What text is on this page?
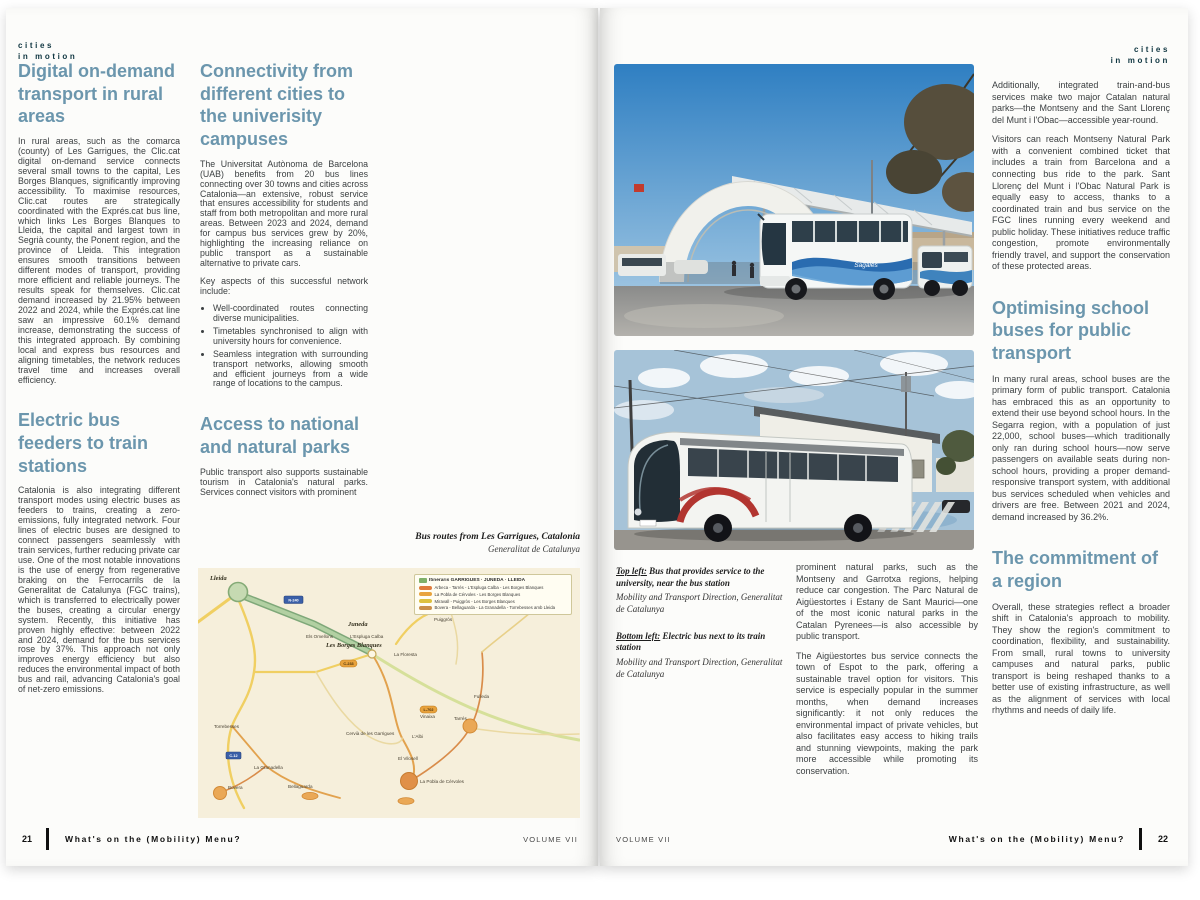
cities
in motion
Digital on-demand transport in rural areas

In rural areas, such as the comarca (county) of Les Garrigues, the Clic.cat digital on-demand service connects several small towns to the capital, Les Borges Blanques, significantly improving accessibility. To maximise resources, Clic.cat routes are strategically coordinated with the Exprés.cat bus line, which links Les Borges Blanques to Lleida, the capital and largest town in Segrià county, the Ponent region, and the province of Lleida. This integration ensures smooth transitions between different modes of transport, providing more efficient and reliable journeys. The results speak for themselves. Clic.cat demand increased by 21.95% between 2022 and 2024, while the Exprés.cat line saw an impressive 60.1% demand increase, demonstrating the success of this integrated approach. By combining local and express bus resources and aligning timetables, the network reduces travel time and increases overall efficiency.

Electric bus feeders to train stations

Catalonia is also integrating different transport modes using electric buses as feeders to trains, creating a zero-emissions, fully integrated network. Four lines of electric buses are designed to connect passengers seamlessly with train services, further reducing private car use. One of the most notable innovations is the use of energy from regenerative braking on the Ferrocarrils de la Generalitat de Catalunya (FGC trains), which is transferred to electrically power the buses, creating a circular energy system. Recently, this initiative has proven highly effective: between 2022 and 2024, demand for the bus services rose by 37%. This approach not only improves energy efficiency but also reduces the environmental impact of both bus and rail, advancing Catalonia's goal of net-zero emissions.

Connectivity from different cities to the univerisity campuses

The Universitat Autònoma de Barcelona (UAB) benefits from 20 bus lines connecting over 30 towns and cities across Catalonia—an extensive, robust service that ensures accessibility for students and staff from both metropolitan and more rural areas. Between 2023 and 2024, demand for campus bus services grew by 20%, highlighting the increasing reliance on public transport as a sustainable alternative to private cars.

Key aspects of this successful network include:

• Well-coordinated routes connecting diverse municipalities.
• Timetables synchronised to align with university hours for convenience.
• Seamless integration with surrounding transport networks, allowing smooth and efficient journeys from a wide range of locations to the campus.
Access to national and natural parks

Public transport also supports sustainable tourism in Catalonia's natural parks. Services connect visitors with prominent

Bus routes from Les Garrigues, Catalonia
Generalitat de Catalunya
N-240
C-233
L-702
C-12
Lleida
Juneda
Les Borges Blanques
Puiggròs
Els Omellons	L'Espluga Calba
La Floresta
Fulleda
Tarrés
Vinaixa
L'Albi
El Vilosell
La Pobla de Cérvoles
Cervià de les Garrigues
Torrebesses
La Granadella
Bellaguarda
Bovera
Itineraris GARRIGUES · JUNEDA · LLEIDA
Arbeca - Tarrés - L'Espluga Calba - Les Borges Blanques
La Pobla de Cérvoles - Les Borges Blanques
Miravall - Puiggròs - Les Borges Blanques
Bovera - Bellaguarda - La Granadella - Torrebesses amb Lleida
21	What's on the (Mobility) Menu?	VOLUME VII
Sagalés
Top left: Bus that provides service to the university, near the bus station
Mobility and Transport Direction, Generalitat de Catalunya
Bottom left: Electric bus next to its train station
Mobility and Transport Direction, Generalitat de Catalunya

prominent natural parks, such as the Montseny and Garrotxa regions, helping reduce car congestion. The Parc Natural de Aigüestortes i Estany de Sant Maurici—one of the most iconic natural parks in the Catalan Pyrenees—is also accessible by public transport.

The Aigüestortes bus service connects the town of Espot to the park, offering a sustainable travel option for visitors. This service is especially popular in the summer months, when demand increases significantly: it not only reduces the environmental impact of private vehicles, but also facilitates easy access to hiking trails and stunning viewpoints, making the park more accessible while promoting its conservation.

cities
in motion

Additionally, integrated train-and-bus services make two major Catalan natural parks—the Montseny and the Sant Llorenç del Munt i l'Obac—accessible year-round.

Visitors can reach Montseny Natural Park with a convenient combined ticket that includes a train from Barcelona and a connecting bus ride to the park. Sant Llorenç del Munt i l'Obac Natural Park is equally easy to access, thanks to a coordinated train and bus service on the FGC lines running every weekend and public holiday. These initiatives reduce traffic congestion, promote environmentally friendly travel, and support the conservation of these protected areas.

Optimising school buses for public transport

In many rural areas, school buses are the primary form of public transport. Catalonia has embraced this as an opportunity to extend their use beyond school hours. In the Segarra region, with a population of just 22,000, school buses—which traditionally only ran during school hours—now serve passengers on available seats during non-school hours, providing a proper demand-responsive transport system, with additional bus services scheduled when vehicles and drivers are free. Between 2021 and 2024, demand increased by 36.2%.

The commitment of a region

Overall, these strategies reflect a broader shift in Catalonia's approach to mobility. They show the region's commitment to coordination, flexibility, and sustainability. From small, rural towns to university campuses and natural parks, public transport is being reshaped thanks to a better use of existing infrastructure, as well as the alignment of services with local rhythms and needs of daily life.

VOLUME VII	What's on the (Mobility) Menu?	22
